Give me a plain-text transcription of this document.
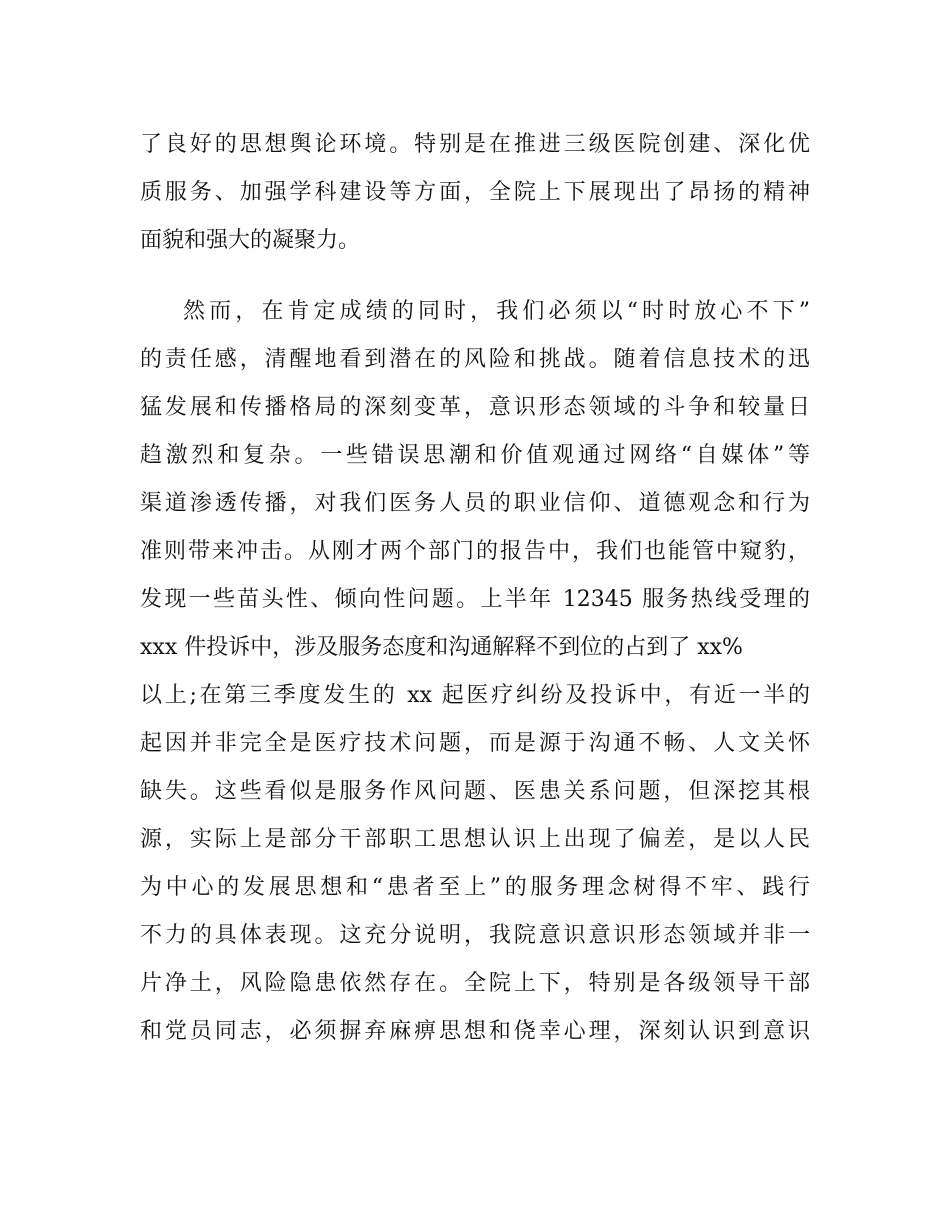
了良好的思想舆论环境。特别是在推进三级医院创建、深化优
质服务、加强学科建设等方面，全院上下展现出了昂扬的精神
面貌和强大的凝聚力。
然而，在肯定成绩的同时，我们必须以“时时放心不下”
的责任感，清醒地看到潜在的风险和挑战。随着信息技术的迅
猛发展和传播格局的深刻变革，意识形态领域的斗争和较量日
趋激烈和复杂。一些错误思潮和价值观通过网络“自媒体”等
渠道渗透传播，对我们医务人员的职业信仰、道德观念和行为
准则带来冲击。从刚才两个部门的报告中，我们也能管中窥豹，
发现一些苗头性、倾向性问题。上半年 12345 服务热线受理的
xxx 件投诉中，涉及服务态度和沟通解释不到位的占到了 xx%
以上;在第三季度发生的 xx 起医疗纠纷及投诉中，有近一半的
起因并非完全是医疗技术问题，而是源于沟通不畅、人文关怀
缺失。这些看似是服务作风问题、医患关系问题，但深挖其根
源，实际上是部分干部职工思想认识上出现了偏差，是以人民
为中心的发展思想和“患者至上”的服务理念树得不牢、践行
不力的具体表现。这充分说明，我院意识意识形态领域并非一
片净土，风险隐患依然存在。全院上下，特别是各级领导干部
和党员同志，必须摒弃麻痹思想和侥幸心理，深刻认识到意识
